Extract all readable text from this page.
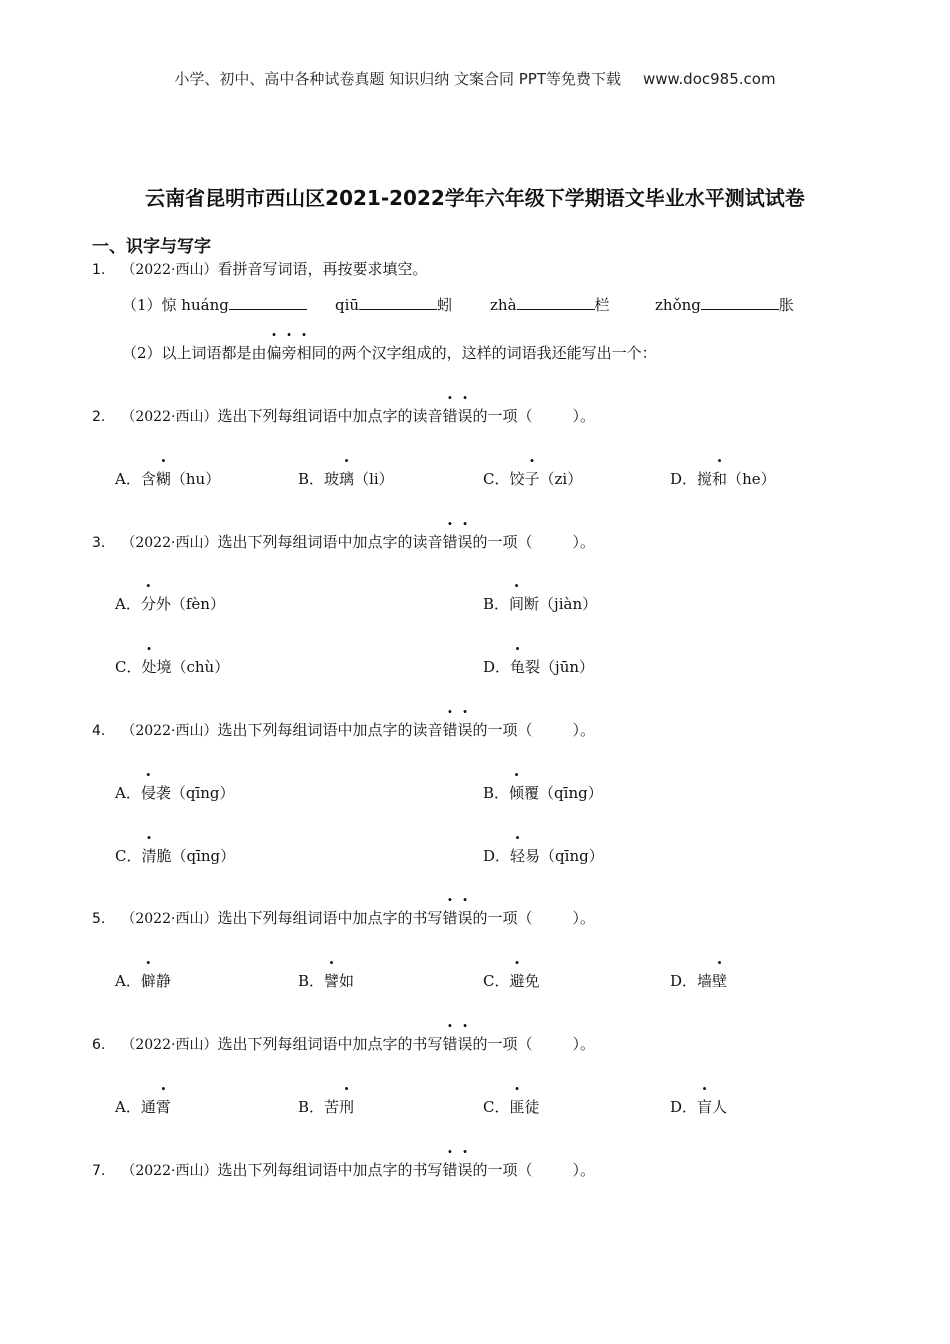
小学、初中、高中各种试卷真题 知识归纳 文案合同 PPT等免费下载 www.doc985.com
云南省昆明市西山区2021-2022学年六年级下学期语文毕业水平测试试卷
一、识字与写字
1. （2022·西山）看拼音写词语，再按要求填空。
（1）惊 huáng	qiū	蚓	zhà	栏	zhǒng	胀
（2）以上词语都是由偏旁相同的两个汉字组成的，这样的词语我还能写出一个：
2. （2022·西山）选出下列每组词语中加点字的读音错误的一项（	）。
A．含糊（hu）	B．玻璃（li）	C．饺子（zi）	D．搅和（he）
3. （2022·西山）选出下列每组词语中加点字的读音错误的一项（	）。
A．分外（fèn）	B．间断（jiàn）
C．处境（chù）	D．龟裂（jūn）
4. （2022·西山）选出下列每组词语中加点字的读音错误的一项（	）。
A．侵袭（qīng）	B．倾覆（qīng）
C．清脆（qīng）	D．轻易（qīng）
5. （2022·西山）选出下列每组词语中加点字的书写错误的一项（	）。
A．僻静	B．譬如	C．避免	D．墙壁
6. （2022·西山）选出下列每组词语中加点字的书写错误的一项（	）。
A．通霄	B．苦刑	C．匪徒	D．盲人
7. （2022·西山）选出下列每组词语中加点字的书写错误的一项（	）。
